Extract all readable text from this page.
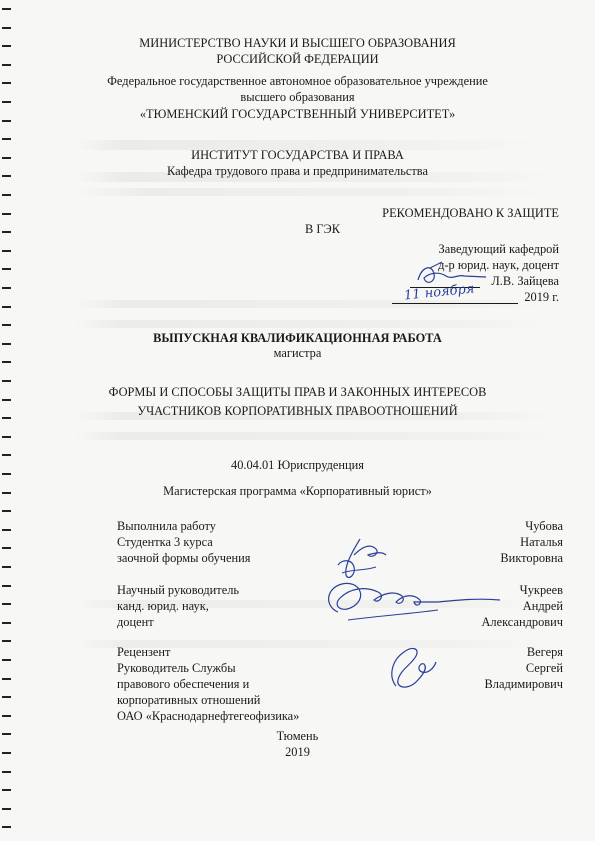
МИНИСТЕРСТВО НАУКИ И ВЫСШЕГО ОБРАЗОВАНИЯ
РОССИЙСКОЙ ФЕДЕРАЦИИ
Федеральное государственное автономное образовательное учреждение
высшего образования
«ТЮМЕНСКИЙ ГОСУДАРСТВЕННЫЙ УНИВЕРСИТЕТ»
ИНСТИТУТ ГОСУДАРСТВА И ПРАВА
Кафедра трудового права и предпринимательства
РЕКОМЕНДОВАНО К ЗАЩИТЕ
В ГЭК
Заведующий кафедрой
д-р юрид. наук, доцент
Л.В. Зайцева
2019 г.
11 ноября
ВЫПУСКНАЯ КВАЛИФИКАЦИОННАЯ РАБОТА
магистра
ФОРМЫ И СПОСОБЫ ЗАЩИТЫ ПРАВ И ЗАКОННЫХ ИНТЕРЕСОВ
УЧАСТНИКОВ КОРПОРАТИВНЫХ ПРАВООТНОШЕНИЙ
40.04.01 Юриспруденция
Магистерская программа «Корпоративный юрист»
Выполнила работу
Студентка 3 курса
заочной формы обучения
Чубова
Наталья
Викторовна
Научный руководитель
канд. юрид. наук,
доцент
Чукреев
Андрей
Александрович
Рецензент
Руководитель Службы
правового обеспечения и
корпоративных отношений
ОАО «Краснодарнефтегеофизика»
Вегеря
Сергей
Владимирович
Тюмень
2019
